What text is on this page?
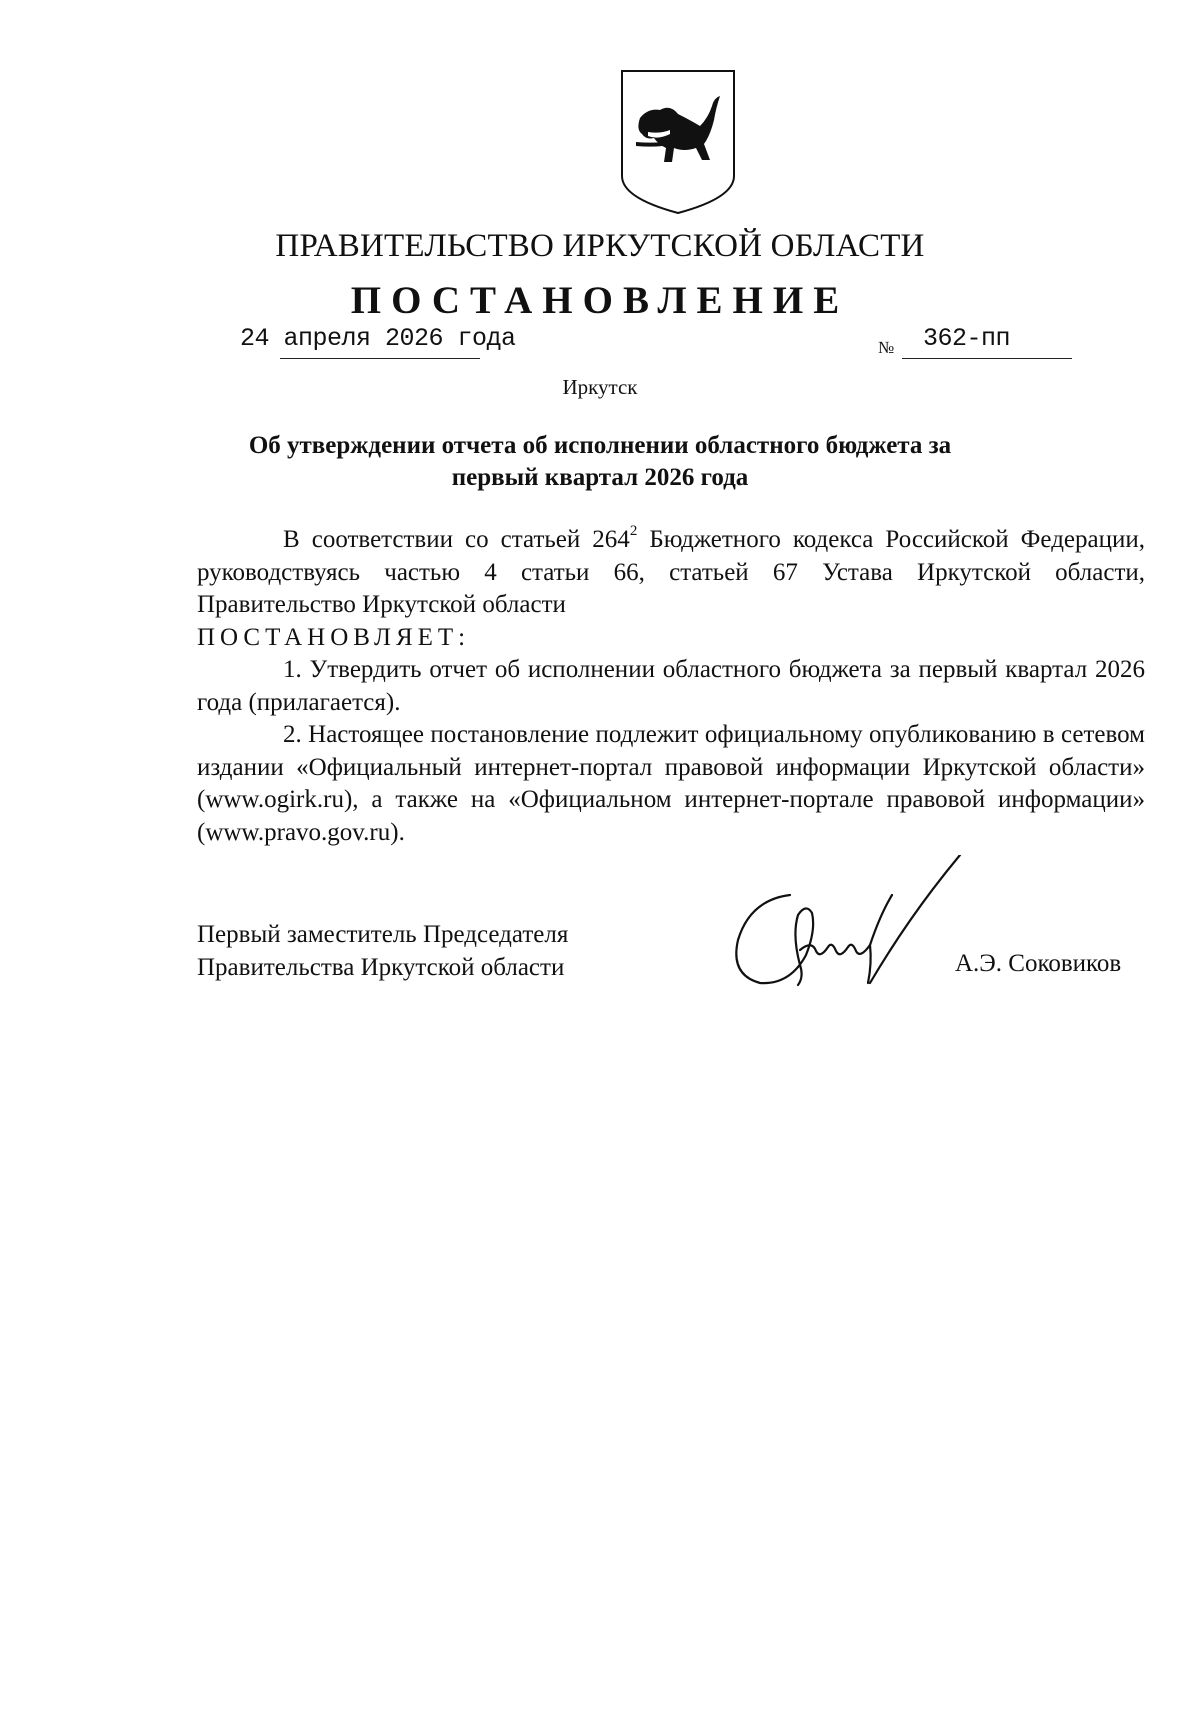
ПРАВИТЕЛЬСТВО ИРКУТСКОЙ ОБЛАСТИ
ПОСТАНОВЛЕНИЕ
24 апреля 2026 года	№ 362-пп
Иркутск
Об утверждении отчета об исполнении областного бюджета за
первый квартал 2026 года

В соответствии со статьей $264^2$ Бюджетного кодекса Российской Федерации, руководствуясь частью 4 статьи 66, статьей 67 Устава Иркутской области, Правительство Иркутской области

ПОСТАНОВЛЯЕТ:

1. Утвердить отчет об исполнении областного бюджета за первый квартал 2026 года (прилагается).

2. Настоящее постановление подлежит официальному опубликованию в сетевом издании «Официальный интернет-портал правовой информации Иркутской области» (www.ogirk.ru), а также на «Официальном интернет-портале правовой информации» (www.pravo.gov.ru).

Первый заместитель Председателя
Правительства Иркутской области	А.Э. Соковиков
